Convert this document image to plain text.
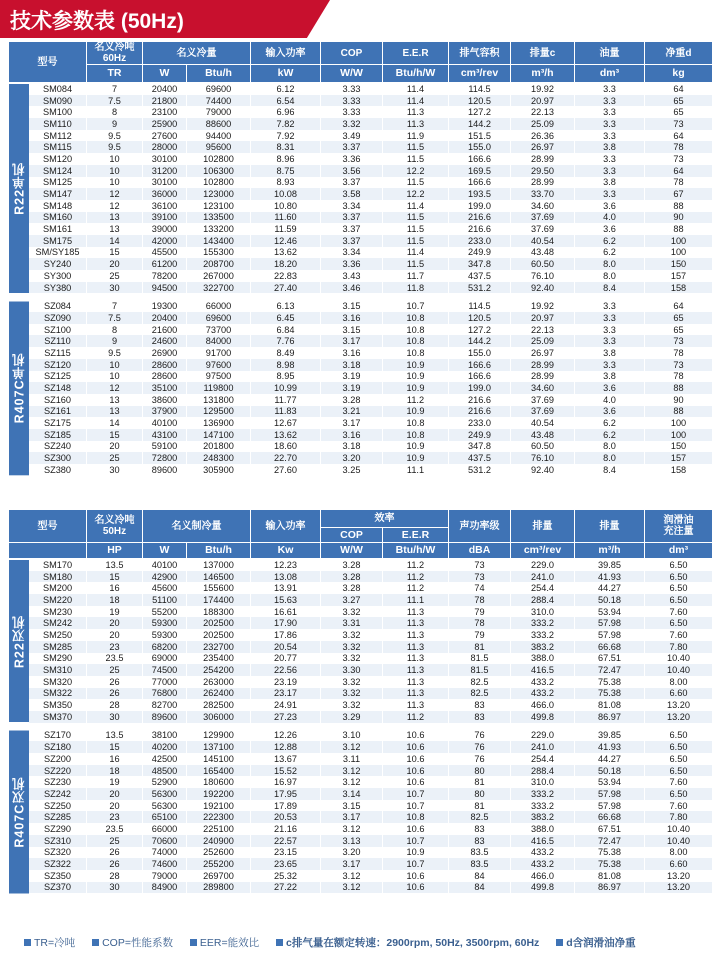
技术参数表 (50Hz)
型号		名义冷吨
60Hz	名义冷量		输入功率	COP	E.E.R	排气容积	排量c	油量	净重d
		TR	W	Btu/h	kW	W/W	Btu/h/W	cm³/rev	m³/h	dm³	kg
R22单机	SM084	7	20400	69600	6.12	3.33	11.4	114.5	19.92	3.3	64
	SM090	7.5	21800	74400	6.54	3.33	11.4	120.5	20.97	3.3	65
	SM100	8	23100	79000	6.96	3.33	11.3	127.2	22.13	3.3	65
	SM110	9	25900	88600	7.82	3.32	11.3	144.2	25.09	3.3	73
	SM112	9.5	27600	94400	7.92	3.49	11.9	151.5	26.36	3.3	64
	SM115	9.5	28000	95600	8.31	3.37	11.5	155.0	26.97	3.8	78
	SM120	10	30100	102800	8.96	3.36	11.5	166.6	28.99	3.3	73
	SM124	10	31200	106300	8.75	3.56	12.2	169.5	29.50	3.3	64
	SM125	10	30100	102800	8.93	3.37	11.5	166.6	28.99	3.8	78
	SM147	12	36000	123000	10.08	3.58	12.2	193.5	33.70	3.3	67
	SM148	12	36100	123100	10.80	3.34	11.4	199.0	34.60	3.6	88
	SM160	13	39100	133500	11.60	3.37	11.5	216.6	37.69	4.0	90
	SM161	13	39000	133200	11.59	3.37	11.5	216.6	37.69	3.6	88
	SM175	14	42000	143400	12.46	3.37	11.5	233.0	40.54	6.2	100
	SM/SY185	15	45500	155300	13.62	3.34	11.4	249.9	43.48	6.2	100
	SY240	20	61200	208700	18.20	3.36	11.5	347.8	60.50	8.0	150
	SY300	25	78200	267000	22.83	3.43	11.7	437.5	76.10	8.0	157
	SY380	30	94500	322700	27.40	3.46	11.8	531.2	92.40	8.4	158

R407C单机	SZ084	7	19300	66000	6.13	3.15	10.7	114.5	19.92	3.3	64
	SZ090	7.5	20400	69600	6.45	3.16	10.8	120.5	20.97	3.3	65
	SZ100	8	21600	73700	6.84	3.15	10.8	127.2	22.13	3.3	65
	SZ110	9	24600	84000	7.76	3.17	10.8	144.2	25.09	3.3	73
	SZ115	9.5	26900	91700	8.49	3.16	10.8	155.0	26.97	3.8	78
	SZ120	10	28600	97600	8.98	3.18	10.9	166.6	28.99	3.3	73
	SZ125	10	28600	97500	8.95	3.19	10.9	166.6	28.99	3.8	78
	SZ148	12	35100	119800	10.99	3.19	10.9	199.0	34.60	3.6	88
	SZ160	13	38600	131800	11.77	3.28	11.2	216.6	37.69	4.0	90
	SZ161	13	37900	129500	11.83	3.21	10.9	216.6	37.69	3.6	88
	SZ175	14	40100	136900	12.67	3.17	10.8	233.0	40.54	6.2	100
	SZ185	15	43100	147100	13.62	3.16	10.8	249.9	43.48	6.2	100
	SZ240	20	59100	201800	18.60	3.18	10.9	347.8	60.50	8.0	150
	SZ300	25	72800	248300	22.70	3.20	10.9	437.5	76.10	8.0	157
	SZ380	30	89600	305900	27.60	3.25	11.1	531.2	92.40	8.4	158
型号		名义冷吨
50Hz	名义制冷量		输入功率	效率		声功率级	排量	排量	润滑油
充注量	净重
						COP	E.E.R					
		HP	W	Btu/h	Kw	W/W	Btu/h/W	dBA	cm³/rev	m³/h	dm³	kg
R22双机	SM170	13.5	40100	137000	12.23	3.28	11.2	73	229.0	39.85	6.50	
	SM180	15	42900	146500	13.08	3.28	11.2	73	241.0	41.93	6.50	
	SM200	16	45600	155600	13.91	3.28	11.2	74	254.4	44.27	6.50	
	SM220	18	51100	174400	15.63	3.27	11.1	78	288.4	50.18	6.50	
	SM230	19	55200	188300	16.61	3.32	11.3	79	310.0	53.94	7.60	
	SM242	20	59300	202500	17.90	3.31	11.3	78	333.2	57.98	6.50	
	SM250	20	59300	202500	17.86	3.32	11.3	79	333.2	57.98	7.60	
	SM285	23	68200	232700	20.54	3.32	11.3	81	383.2	66.68	7.80	
	SM290	23.5	69000	235400	20.77	3.32	11.3	81.5	388.0	67.51	10.40	
	SM310	25	74500	254200	22.56	3.30	11.3	81.5	416.5	72.47	10.40	
	SM320	26	77000	263000	23.19	3.32	11.3	82.5	433.2	75.38	8.00	
	SM322	26	76800	262400	23.17	3.32	11.3	82.5	433.2	75.38	6.60	
	SM350	28	82700	282500	24.91	3.32	11.3	83	466.0	81.08	13.20	
	SM370	30	89600	306000	27.23	3.29	11.2	83	499.8	86.97	13.20	

R407C双机	SZ170	13.5	38100	129900	12.26	3.10	10.6	76	229.0	39.85	6.50	
	SZ180	15	40200	137100	12.88	3.12	10.6	76	241.0	41.93	6.50	
	SZ200	16	42500	145100	13.67	3.11	10.6	76	254.4	44.27	6.50	
	SZ220	18	48500	165400	15.52	3.12	10.6	80	288.4	50.18	6.50	
	SZ230	19	52900	180600	16.97	3.12	10.6	81	310.0	53.94	7.60	
	SZ242	20	56300	192200	17.95	3.14	10.7	80	333.2	57.98	6.50	
	SZ250	20	56300	192100	17.89	3.15	10.7	81	333.2	57.98	7.60	
	SZ285	23	65100	222300	20.53	3.17	10.8	82.5	383.2	66.68	7.80	
	SZ290	23.5	66000	225100	21.16	3.12	10.6	83	388.0	67.51	10.40	
	SZ310	25	70600	240900	22.57	3.13	10.7	83	416.5	72.47	10.40	
	SZ320	26	74000	252600	23.15	3.20	10.9	83.5	433.2	75.38	8.00	
	SZ322	26	74600	255200	23.65	3.17	10.7	83.5	433.2	75.38	6.60	
	SZ350	28	79000	269700	25.32	3.12	10.6	84	466.0	81.08	13.20	
	SZ370	30	84900	289800	27.22	3.12	10.6	84	499.8	86.97	13.20	
TR=冷吨	COP=性能系数	EER=能效比	c排气量在额定转速：2900rpm, 50Hz, 3500rpm, 60Hz	d含润滑油净重
